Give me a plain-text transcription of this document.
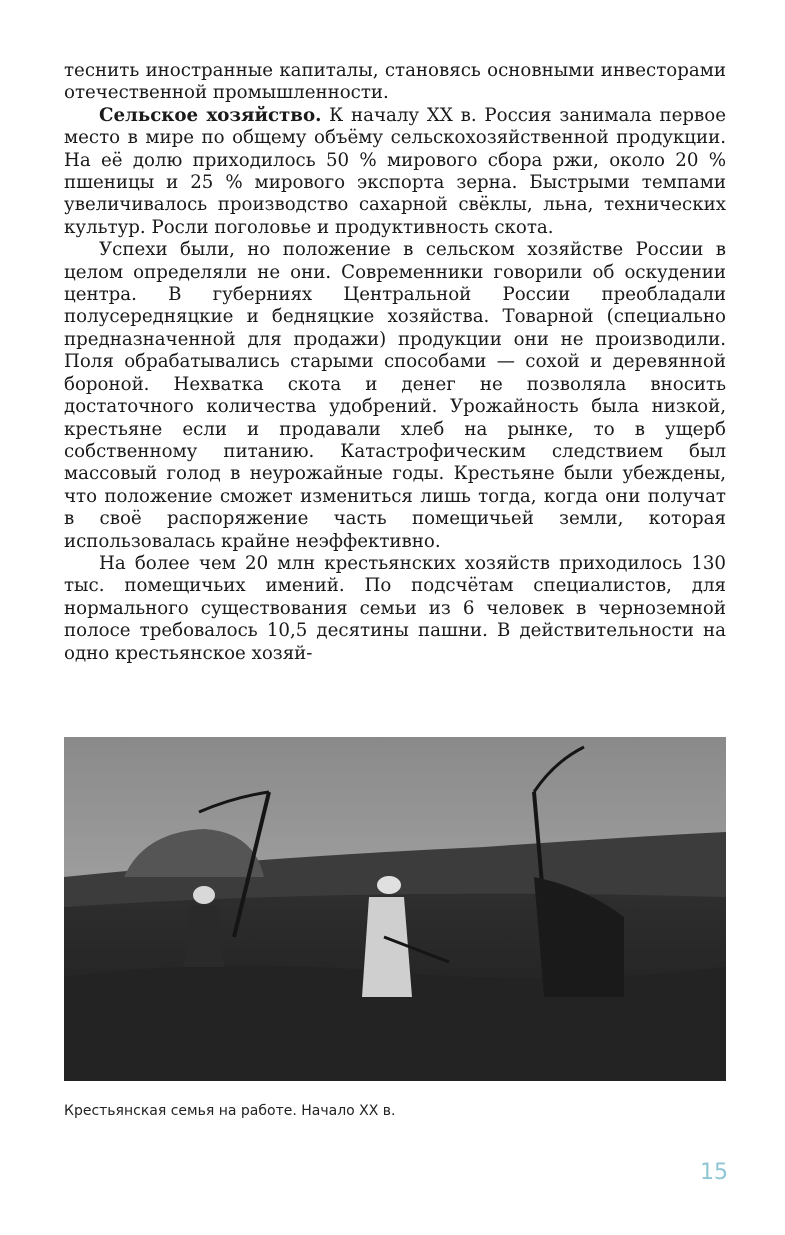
теснить иностранные капиталы, становясь основными инвесторами отечественной промышленности.

Сельское хозяйство. К началу XX в. Россия занимала первое место в мире по общему объёму сельскохозяйственной продукции. На её долю приходилось 50 % мирового сбора ржи, около 20 % пшеницы и 25 % мирового экспорта зерна. Быстрыми темпами увеличивалось производство сахарной свёклы, льна, технических культур. Росли поголовье и продуктивность скота.

Успехи были, но положение в сельском хозяйстве России в целом определяли не они. Современники говорили об оскудении центра. В губерниях Центральной России преобладали полусередняцкие и бедняцкие хозяйства. Товарной (специально предназначенной для продажи) продукции они не производили. Поля обрабатывались старыми способами — сохой и деревянной бороной. Нехватка скота и денег не позволяла вносить достаточного количества удобрений. Урожайность была низкой, крестьяне если и продавали хлеб на рынке, то в ущерб собственному питанию. Катастрофическим следствием был массовый голод в неурожайные годы. Крестьяне были убеждены, что положение сможет измениться лишь тогда, когда они получат в своё распоряжение часть помещичьей земли, которая использовалась крайне неэффективно.

На более чем 20 млн крестьянских хозяйств приходилось 130 тыс. помещичьих имений. По подсчётам специалистов, для нормального существования семьи из 6 человек в черноземной полосе требовалось 10,5 десятины пашни. В действительности на одно крестьянское хозяй-

Крестьянская семья на работе. Начало XX в.
15
